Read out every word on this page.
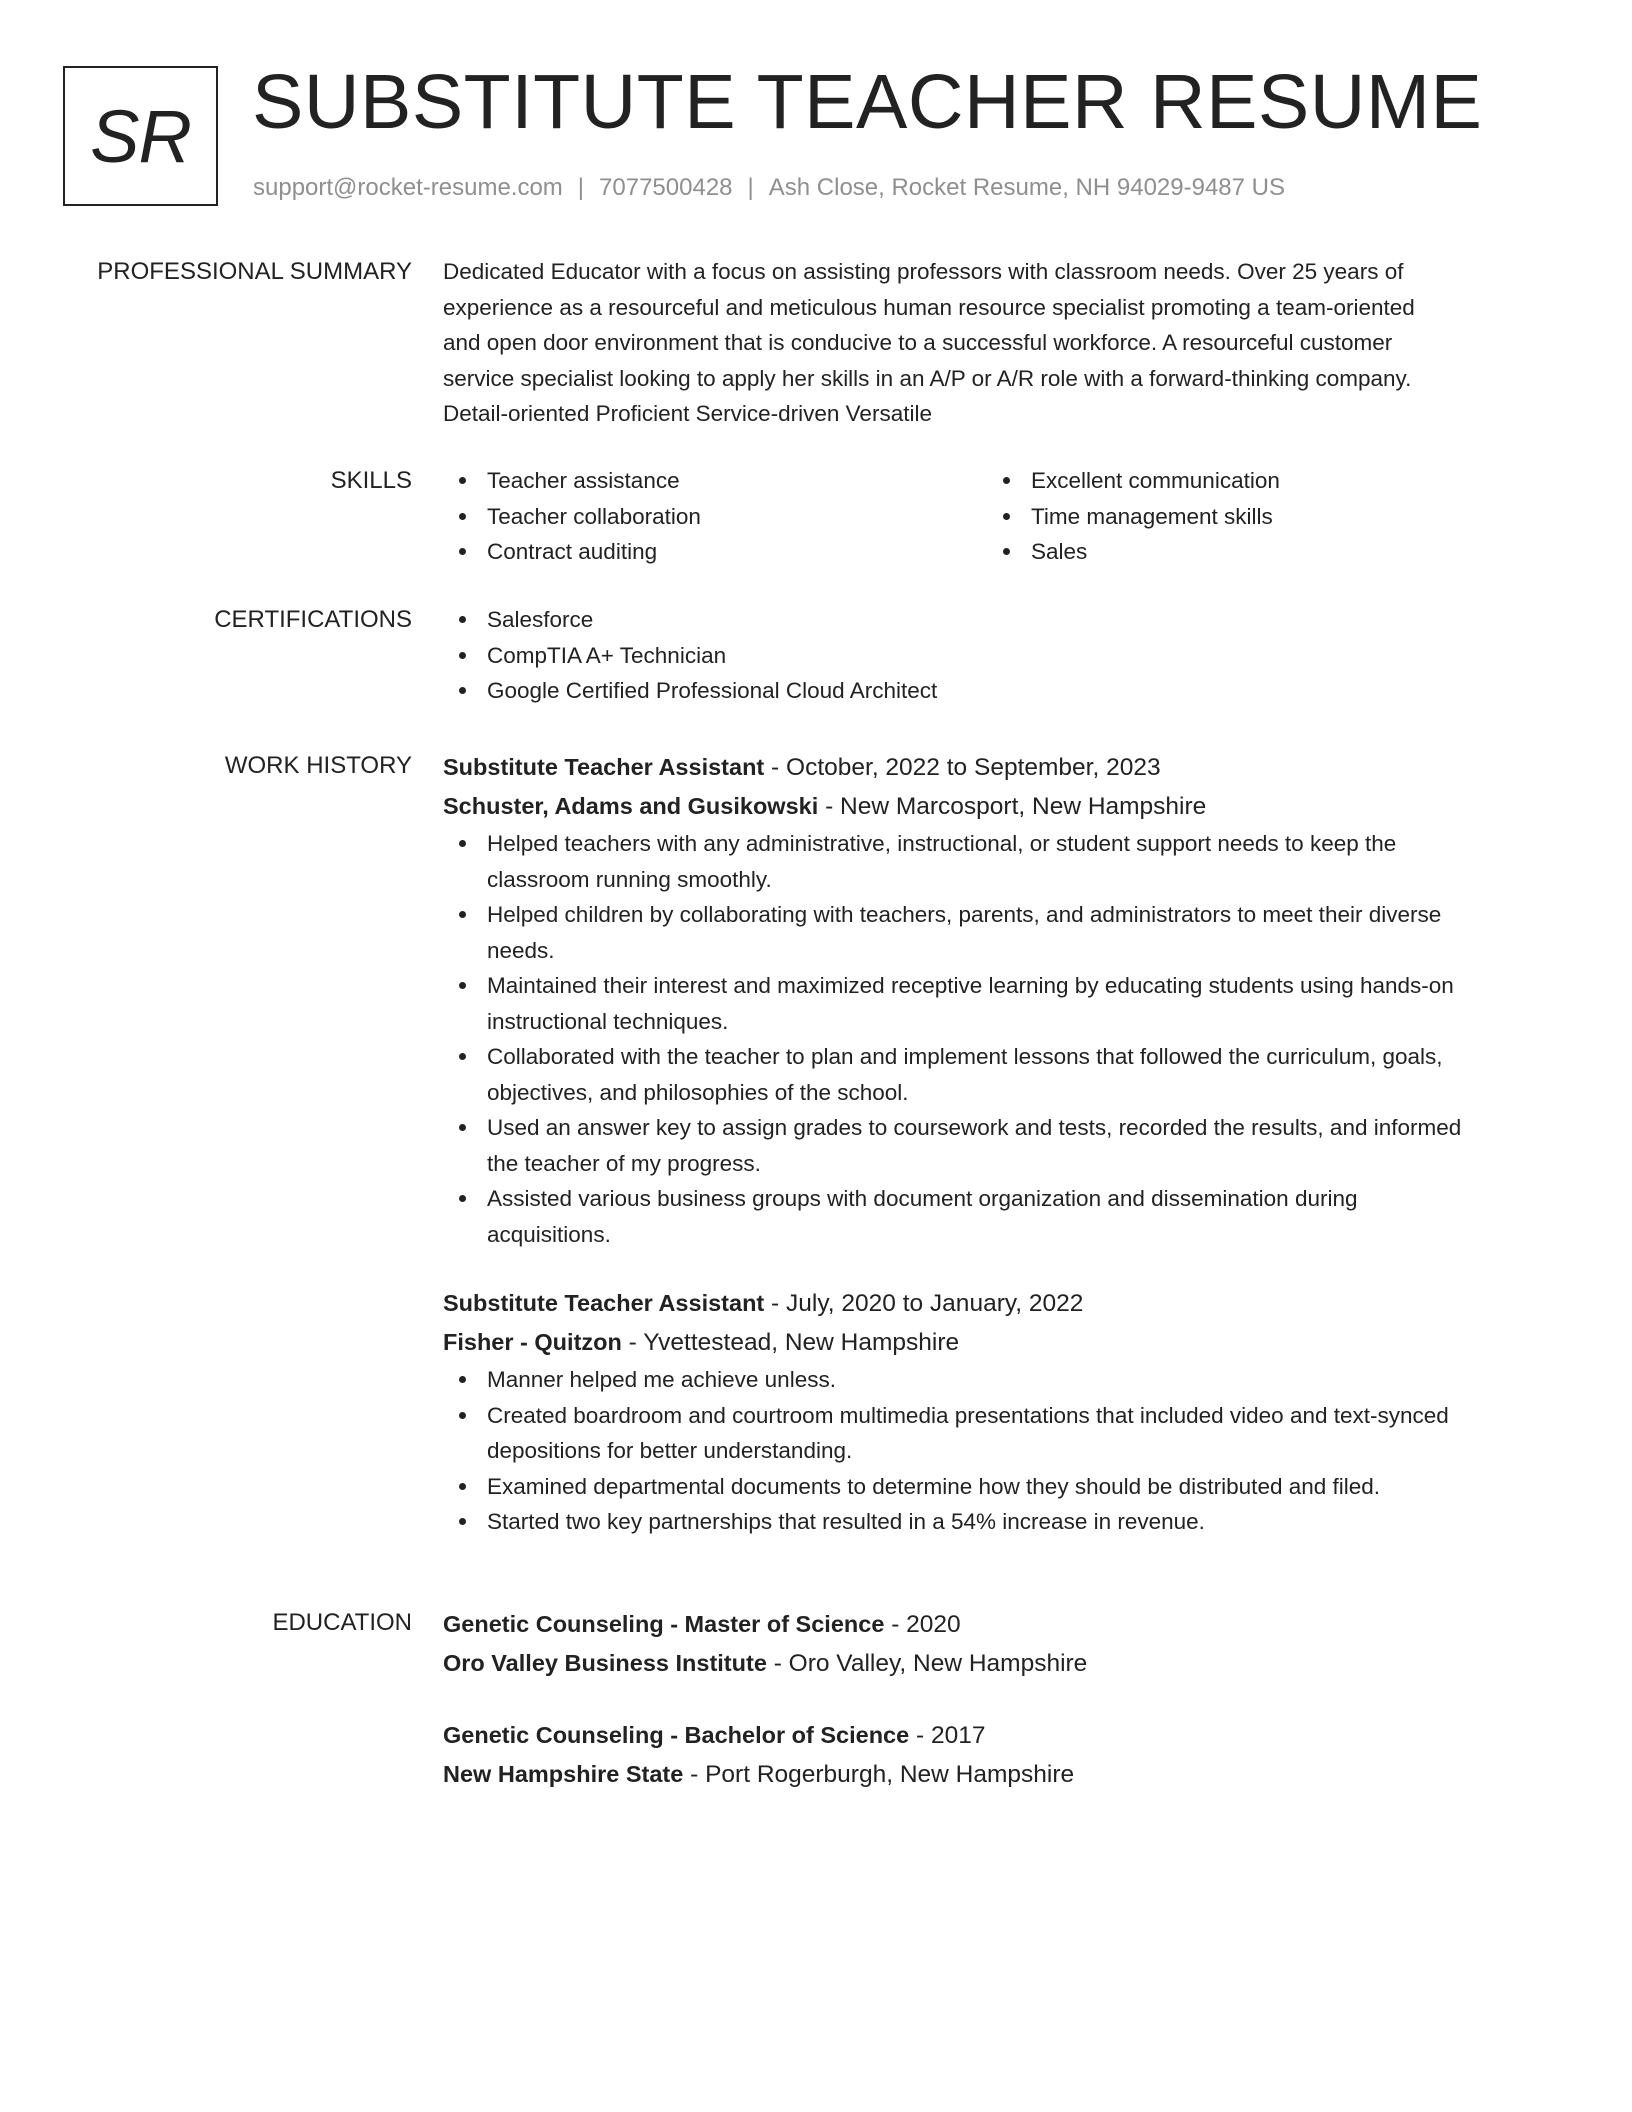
SR SUBSTITUTE TEACHER RESUME
support@rocket-resume.com | 7077500428 | Ash Close, Rocket Resume, NH 94029-9487 US
PROFESSIONAL SUMMARY Dedicated Educator with a focus on assisting professors with classroom needs. Over 25 years of
experience as a resourceful and meticulous human resource specialist promoting a team-oriented
and open door environment that is conducive to a successful workforce. A resourceful customer
service specialist looking to apply her skills in an A/P or A/R role with a forward-thinking company.
Detail-oriented Proficient Service-driven Versatile

SKILLS	Teacher assistance
Teacher collaboration
Contract auditing
Excellent communication
Time management skills
Sales
CERTIFICATIONS	Salesforce
CompTIA A+ Technician
Google Certified Professional Cloud Architect
WORK HISTORY Substitute Teacher Assistant - October, 2022 to September, 2023
Schuster, Adams and Gusikowski - New Marcosport, New Hampshire
Helped teachers with any administrative, instructional, or student support needs to keep the
classroom running smoothly.
Helped children by collaborating with teachers, parents, and administrators to meet their diverse
needs.
Maintained their interest and maximized receptive learning by educating students using hands-on
instructional techniques.
Collaborated with the teacher to plan and implement lessons that followed the curriculum, goals,
objectives, and philosophies of the school.
Used an answer key to assign grades to coursework and tests, recorded the results, and informed
the teacher of my progress.
Assisted various business groups with document organization and dissemination during
acquisitions.
Substitute Teacher Assistant - July, 2020 to January, 2022
Fisher - Quitzon - Yvettestead, New Hampshire
Manner helped me achieve unless.
Created boardroom and courtroom multimedia presentations that included video and text-synced
depositions for better understanding.
Examined departmental documents to determine how they should be distributed and filed.
Started two key partnerships that resulted in a 54% increase in revenue.
EDUCATION Genetic Counseling - Master of Science - 2020
Oro Valley Business Institute - Oro Valley, New Hampshire
Genetic Counseling - Bachelor of Science - 2017
New Hampshire State - Port Rogerburgh, New Hampshire
